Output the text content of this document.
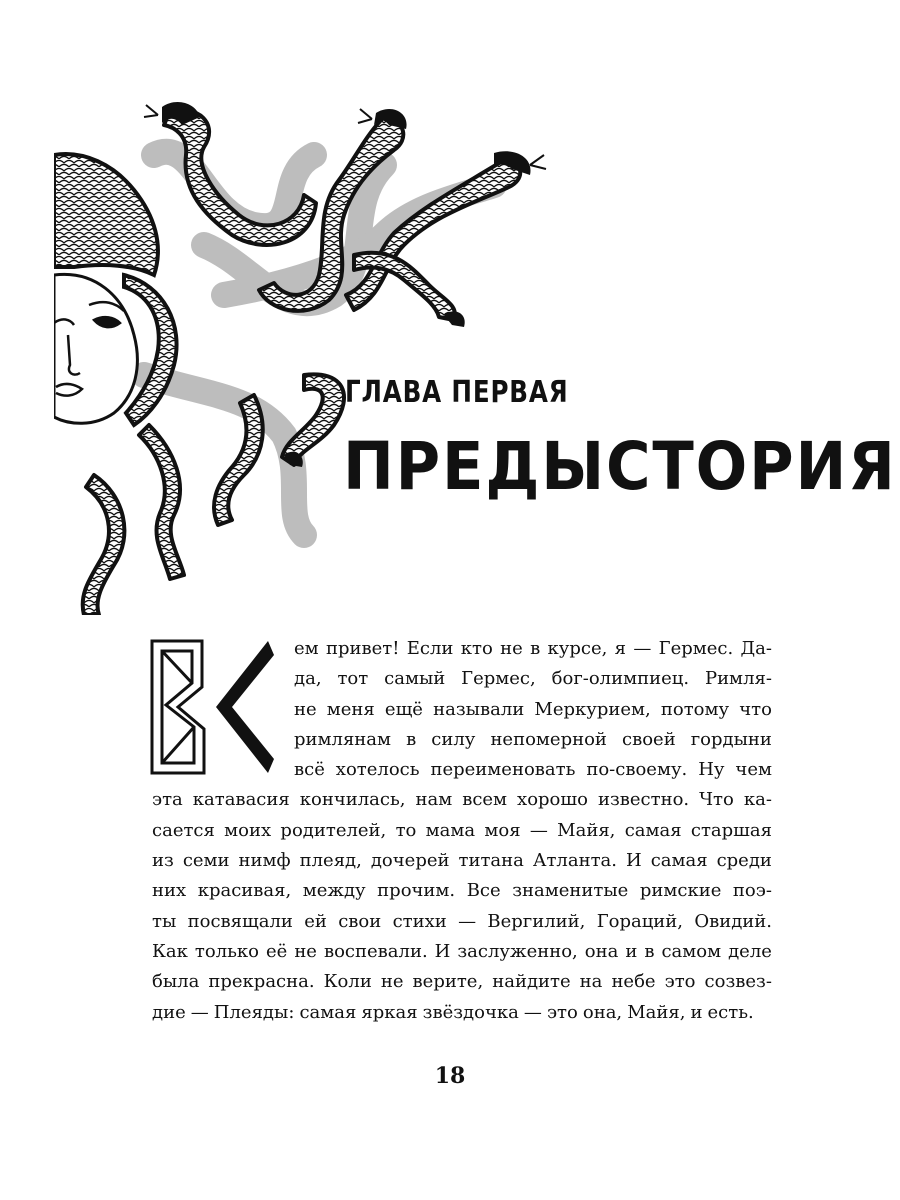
ГЛАВА ПЕРВАЯ
ПРЕДЫСТОРИЯ
ем привет! Если кто не в курсе, я — Гермес. Да-
да, тот самый Гермес, бог-олимпиец. Римля-
не меня ещё называли Меркурием, потому что
римлянам в силу непомерной своей гордыни
всё хотелось переименовать по-своему. Ну чем
эта катавасия кончилась, нам всем хорошо известно. Что ка-
сается моих родителей, то мама моя — Майя, самая старшая
из семи нимф плеяд, дочерей титана Атланта. И самая среди
них красивая, между прочим. Все знаменитые римские поэ-
ты посвящали ей свои стихи — Вергилий, Гораций, Овидий.
Как только её не воспевали. И заслуженно, она и в самом деле
была прекрасна. Коли не верите, найдите на небе это созвез-
дие — Плеяды: самая яркая звёздочка — это она, Майя, и есть.
18
